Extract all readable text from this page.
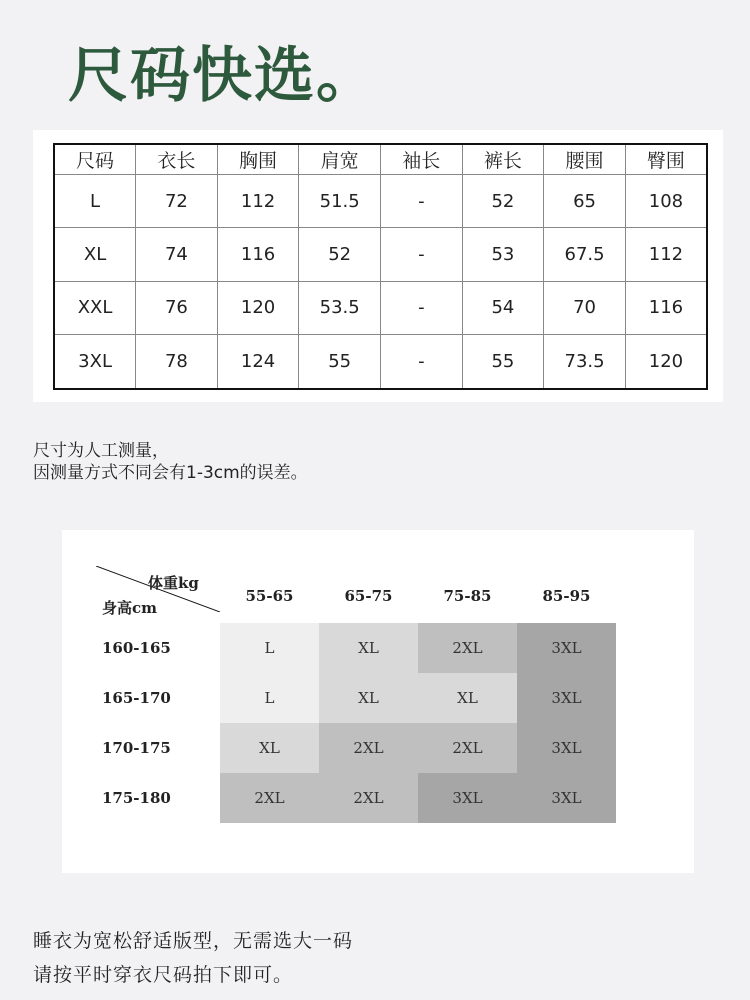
尺码快选。
尺码	衣长	胸围	肩宽	袖长	裤长	腰围	臀围
L	72	112	51.5	-	52	65	108
XL	74	116	52	-	53	67.5	112
XXL	76	120	53.5	-	54	70	116
3XL	78	124	55	-	55	73.5	120
尺寸为人工测量，
因测量方式不同会有1-3cm的误差。
体重kg
身高cm
55-65	65-75	75-85	85-95
160-165	L	XL	2XL	3XL
165-170	L	XL	XL	3XL
170-175	XL	2XL	2XL	3XL
175-180	2XL	2XL	3XL	3XL
睡衣为宽松舒适版型，无需选大一码
请按平时穿衣尺码拍下即可。
